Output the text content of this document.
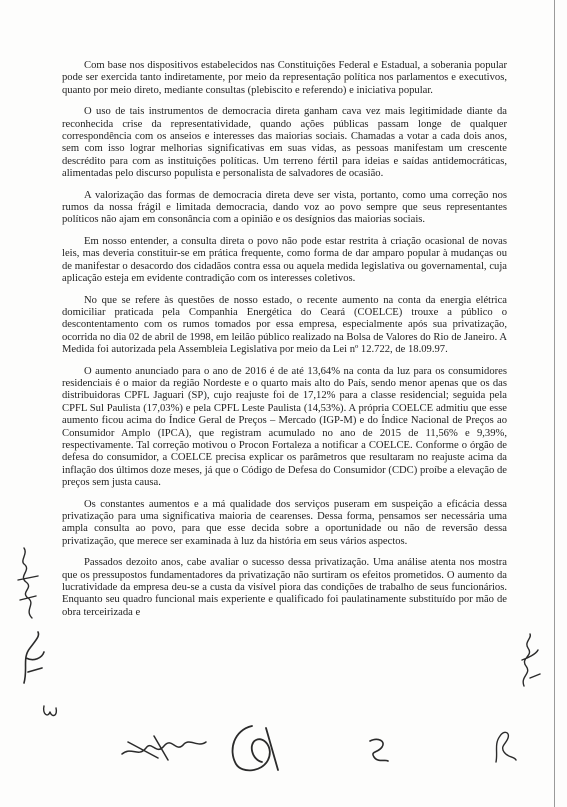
Com base nos dispositivos estabelecidos nas Constituições Federal e Estadual, a soberania popular pode ser exercida tanto indiretamente, por meio da representação política nos parlamentos e executivos, quanto por meio direto, mediante consultas (plebiscito e referendo) e iniciativa popular.

O uso de tais instrumentos de democracia direta ganham cava vez mais legitimidade diante da reconhecida crise da representatividade, quando ações públicas passam longe de qualquer correspondência com os anseios e interesses das maiorias sociais. Chamadas a votar a cada dois anos, sem com isso lograr melhorias significativas em suas vidas, as pessoas manifestam um crescente descrédito para com as instituições políticas. Um terreno fértil para ideias e saídas antidemocráticas, alimentadas pelo discurso populista e personalista de salvadores de ocasião.

A valorização das formas de democracia direta deve ser vista, portanto, como uma correção nos rumos da nossa frágil e limitada democracia, dando voz ao povo sempre que seus representantes políticos não ajam em consonância com a opinião e os desígnios das maiorias sociais.

Em nosso entender, a consulta direta o povo não pode estar restrita à criação ocasional de novas leis, mas deveria constituir-se em prática frequente, como forma de dar amparo popular à mudanças ou de manifestar o desacordo dos cidadãos contra essa ou aquela medida legislativa ou governamental, cuja aplicação esteja em evidente contradição com os interesses coletivos.

No que se refere às questões de nosso estado, o recente aumento na conta da energia elétrica domiciliar praticada pela Companhia Energética do Ceará (COELCE) trouxe a público o descontentamento com os rumos tomados por essa empresa, especialmente após sua privatização, ocorrida no dia 02 de abril de 1998, em leilão público realizado na Bolsa de Valores do Rio de Janeiro. A Medida foi autorizada pela Assembleia Legislativa por meio da Lei nº 12.722, de 18.09.97.

O aumento anunciado para o ano de 2016 é de até 13,64% na conta da luz para os consumidores residenciais é o maior da região Nordeste e o quarto mais alto do País, sendo menor apenas que os das distribuidoras CPFL Jaguari (SP), cujo reajuste foi de 17,12% para a classe residencial; seguida pela CPFL Sul Paulista (17,03%) e pela CPFL Leste Paulista (14,53%). A própria COELCE admitiu que esse aumento ficou acima do Índice Geral de Preços – Mercado (IGP-M) e do Índice Nacional de Preços ao Consumidor Amplo (IPCA), que registram acumulado no ano de 2015 de 11,56% e 9,39%, respectivamente. Tal correção motivou o Procon Fortaleza a notificar a COELCE. Conforme o órgão de defesa do consumidor, a COELCE precisa explicar os parâmetros que resultaram no reajuste acima da inflação dos últimos doze meses, já que o Código de Defesa do Consumidor (CDC) proíbe a elevação de preços sem justa causa.

Os constantes aumentos e a má qualidade dos serviços puseram em suspeição a eficácia dessa privatização para uma significativa maioria de cearenses. Dessa forma, pensamos ser necessária uma ampla consulta ao povo, para que esse decida sobre a oportunidade ou não de reversão dessa privatização, que merece ser examinada à luz da história em seus vários aspectos.

Passados dezoito anos, cabe avaliar o sucesso dessa privatização. Uma análise atenta nos mostra que os pressupostos fundamentadores da privatização não surtiram os efeitos prometidos. O aumento da lucratividade da empresa deu-se a custa da visível piora das condições de trabalho de seus funcionários. Enquanto seu quadro funcional mais experiente e qualificado foi paulatinamente substituído por mão de obra terceirizada e
